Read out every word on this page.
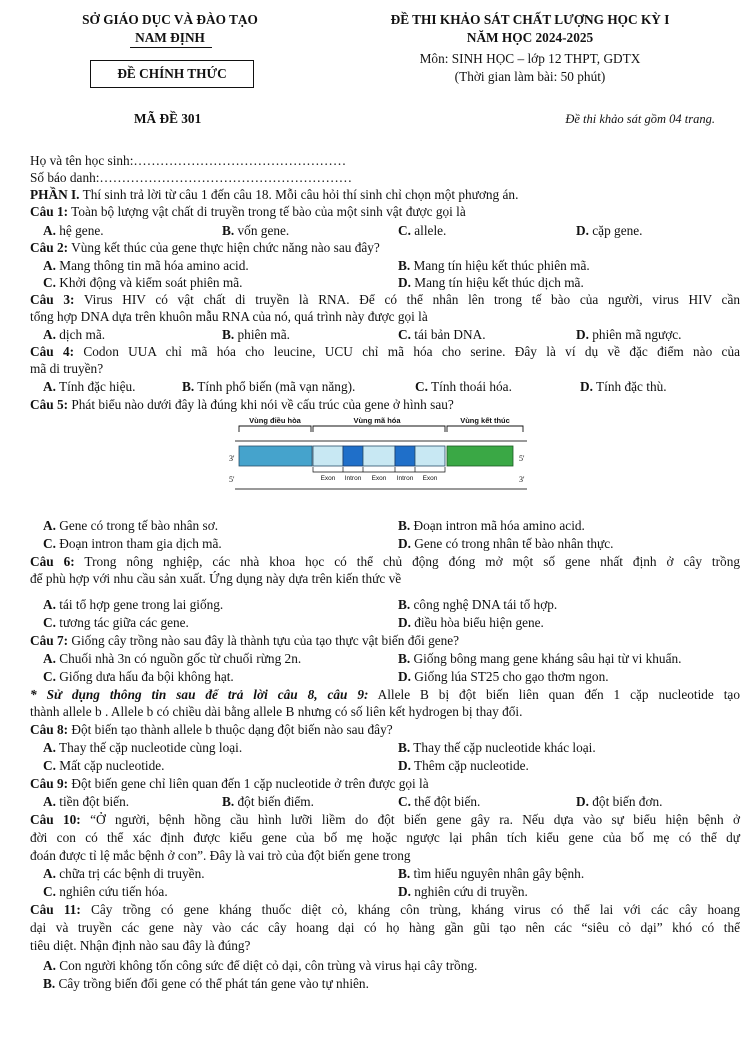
SỞ GIÁO DỤC VÀ ĐÀO TẠO
NAM ĐỊNH
ĐỀ CHÍNH THỨC
ĐỀ THI KHẢO SÁT CHẤT LƯỢNG HỌC KỲ I
NĂM HỌC 2024-2025
Môn: SINH HỌC – lớp 12 THPT, GDTX
(Thời gian làm bài: 50 phút)
MÃ ĐỀ 301	Đề thi khảo sát gồm 04 trang.
Họ và tên học sinh:…………………………………………
Số báo danh:…………………………………………………
PHẦN I. Thí sinh trả lời từ câu 1 đến câu 18. Mỗi câu hỏi thí sinh chỉ chọn một phương án.
Câu 1: Toàn bộ lượng vật chất di truyền trong tế bào của một sinh vật được gọi là
A. hệ gene.	B. vốn gene.	C. allele.	D. cặp gene.
Câu 2: Vùng kết thúc của gene thực hiện chức năng nào sau đây?
A. Mang thông tin mã hóa amino acid.	B. Mang tín hiệu kết thúc phiên mã.
C. Khởi động và kiểm soát phiên mã.	D. Mang tín hiệu kết thúc dịch mã.
Câu 3: Virus HIV có vật chất di truyền là RNA. Để có thể nhân lên trong tế bào của người, virus HIV cần
tổng hợp DNA dựa trên khuôn mẫu RNA của nó, quá trình này được gọi là
A. dịch mã.	B. phiên mã.	C. tái bản DNA.	D. phiên mã ngược.
Câu 4: Codon UUA chỉ mã hóa cho leucine, UCU chỉ mã hóa cho serine. Đây là ví dụ về đặc điểm nào của
mã di truyền?
A. Tính đặc hiệu.	B. Tính phổ biến (mã vạn năng).	C. Tính thoái hóa.	D. Tính đặc thù.
Câu 5: Phát biểu nào dưới đây là đúng khi nói về cấu trúc của gene ở hình sau?
Vùng điều hòa	Vùng mã hóa	Vùng kết thúc
3'
5'
5'
3'
Exon Intron Exon Intron Exon
A. Gene có trong tế bào nhân sơ.	B. Đoạn intron mã hóa amino acid.
C. Đoạn intron tham gia dịch mã.	D. Gene có trong nhân tế bào nhân thực.
Câu 6: Trong nông nghiệp, các nhà khoa học có thể chủ động đóng mở một số gene nhất định ở cây trồng
để phù hợp với nhu cầu sản xuất. Ứng dụng này dựa trên kiến thức về
A. tái tổ hợp gene trong lai giống.	B. công nghệ DNA tái tổ hợp.
C. tương tác giữa các gene.	D. điều hòa biểu hiện gene.
Câu 7: Giống cây trồng nào sau đây là thành tựu của tạo thực vật biến đổi gene?
A. Chuối nhà 3n có nguồn gốc từ chuối rừng 2n.	B. Giống bông mang gene kháng sâu hại từ vi khuẩn.
C. Giống dưa hấu đa bội không hạt.	D. Giống lúa ST25 cho gạo thơm ngon.
* Sử dụng thông tin sau để trả lời câu 8, câu 9: Allele B bị đột biến liên quan đến 1 cặp nucleotide tạo
thành allele b . Allele b có chiều dài bằng allele B nhưng có số liên kết hydrogen bị thay đổi.
Câu 8: Đột biến tạo thành allele b thuộc dạng đột biến nào sau đây?
A. Thay thế cặp nucleotide cùng loại.	B. Thay thế cặp nucleotide khác loại.
C. Mất cặp nucleotide.	D. Thêm cặp nucleotide.
Câu 9: Đột biến gene chỉ liên quan đến 1 cặp nucleotide ở trên được gọi là
A. tiền đột biến.	B. đột biến điểm.	C. thể đột biến.	D. đột biến đơn.
Câu 10: “Ở người, bệnh hồng cầu hình lưỡi liềm do đột biến gene gây ra. Nếu dựa vào sự biểu hiện bệnh ở
đời con có thể xác định được kiểu gene của bố mẹ hoặc ngược lại phân tích kiểu gene của bố mẹ có thể dự
đoán được tỉ lệ mắc bệnh ở con”. Đây là vai trò của đột biến gene trong
A. chữa trị các bệnh di truyền.	B. tìm hiểu nguyên nhân gây bệnh.
C. nghiên cứu tiến hóa.	D. nghiên cứu di truyền.
Câu 11: Cây trồng có gene kháng thuốc diệt cỏ, kháng côn trùng, kháng virus có thể lai với các cây hoang
dại và truyền các gene này vào các cây hoang dại có họ hàng gần gũi tạo nên các “siêu cỏ dại” khó có thể
tiêu diệt. Nhận định nào sau đây là đúng?
A. Con người không tốn công sức để diệt cỏ dại, côn trùng và virus hại cây trồng.
B. Cây trồng biến đổi gene có thể phát tán gene vào tự nhiên.
